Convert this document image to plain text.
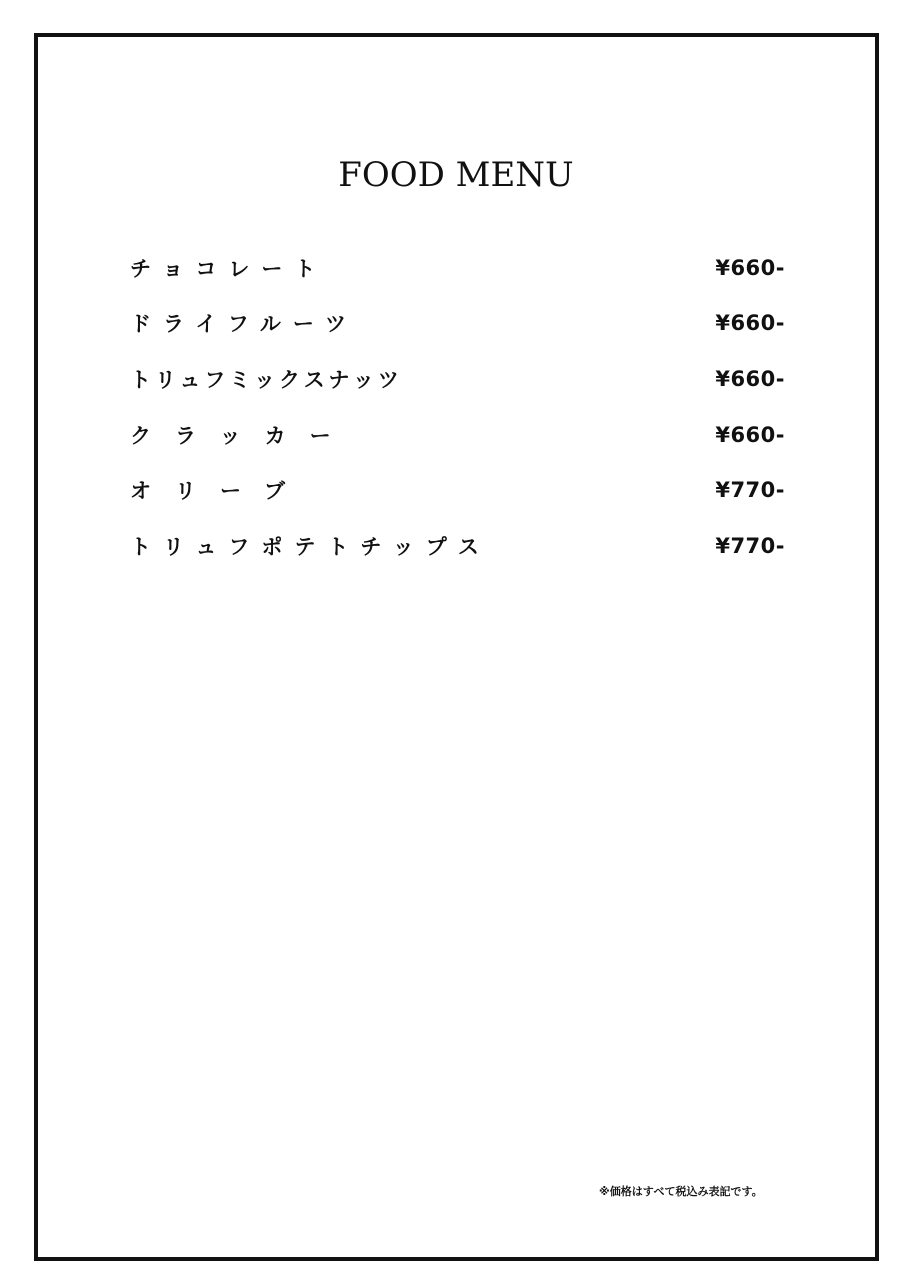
FOOD MENU
チョコレート	¥660-
ドライフルーツ	¥660-
トリュフミックスナッツ	¥660-
クラッカー	¥660-
オリーブ	¥770-
トリュフポテトチップス	¥770-
※価格はすべて税込み表記です。
